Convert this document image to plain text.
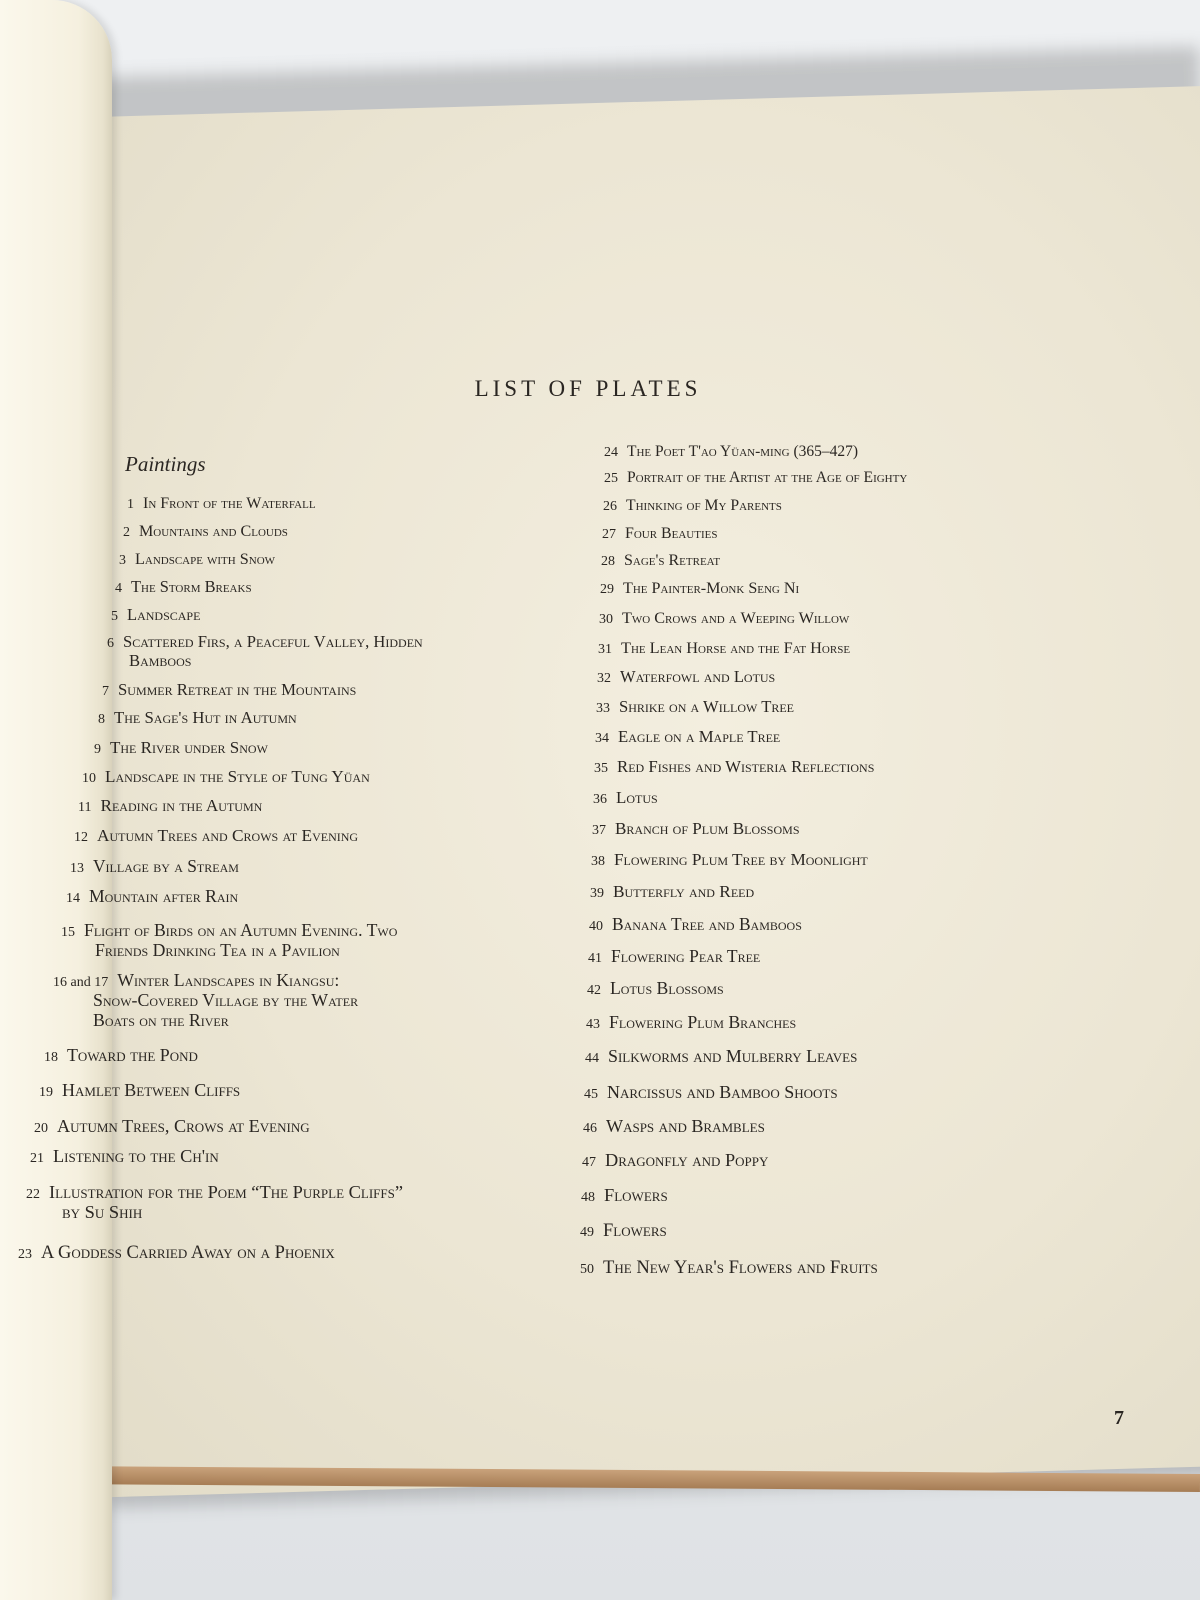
LIST OF PLATES
Paintings
1 In Front of the Waterfall
2 Mountains and Clouds
3 Landscape with Snow
4 The Storm Breaks
5 Landscape
6 Scattered Firs, a Peaceful Valley, Hidden
Bamboos
7 Summer Retreat in the Mountains
8 The Sage's Hut in Autumn
9 The River under Snow
10 Landscape in the Style of Tung Yüan
11 Reading in the Autumn
12 Autumn Trees and Crows at Evening
13 Village by a Stream
14 Mountain after Rain
15 Flight of Birds on an Autumn Evening. Two
Friends Drinking Tea in a Pavilion
16 and 17 Winter Landscapes in Kiangsu:
Snow-Covered Village by the Water
Boats on the River
18 Toward the Pond
19 Hamlet Between Cliffs
20 Autumn Trees, Crows at Evening
21 Listening to the Ch'in
22 Illustration for the Poem “The Purple Cliffs”
by Su Shih
23 A Goddess Carried Away on a Phoenix
24 The Poet T'ao Yüan-ming (365–427)
25 Portrait of the Artist at the Age of Eighty
26 Thinking of My Parents
27 Four Beauties
28 Sage's Retreat
29 The Painter-Monk Seng Ni
30 Two Crows and a Weeping Willow
31 The Lean Horse and the Fat Horse
32 Waterfowl and Lotus
33 Shrike on a Willow Tree
34 Eagle on a Maple Tree
35 Red Fishes and Wisteria Reflections
36 Lotus
37 Branch of Plum Blossoms
38 Flowering Plum Tree by Moonlight
39 Butterfly and Reed
40 Banana Tree and Bamboos
41 Flowering Pear Tree
42 Lotus Blossoms
43 Flowering Plum Branches
44 Silkworms and Mulberry Leaves
45 Narcissus and Bamboo Shoots
46 Wasps and Brambles
47 Dragonfly and Poppy
48 Flowers
49 Flowers
50 The New Year's Flowers and Fruits
7
